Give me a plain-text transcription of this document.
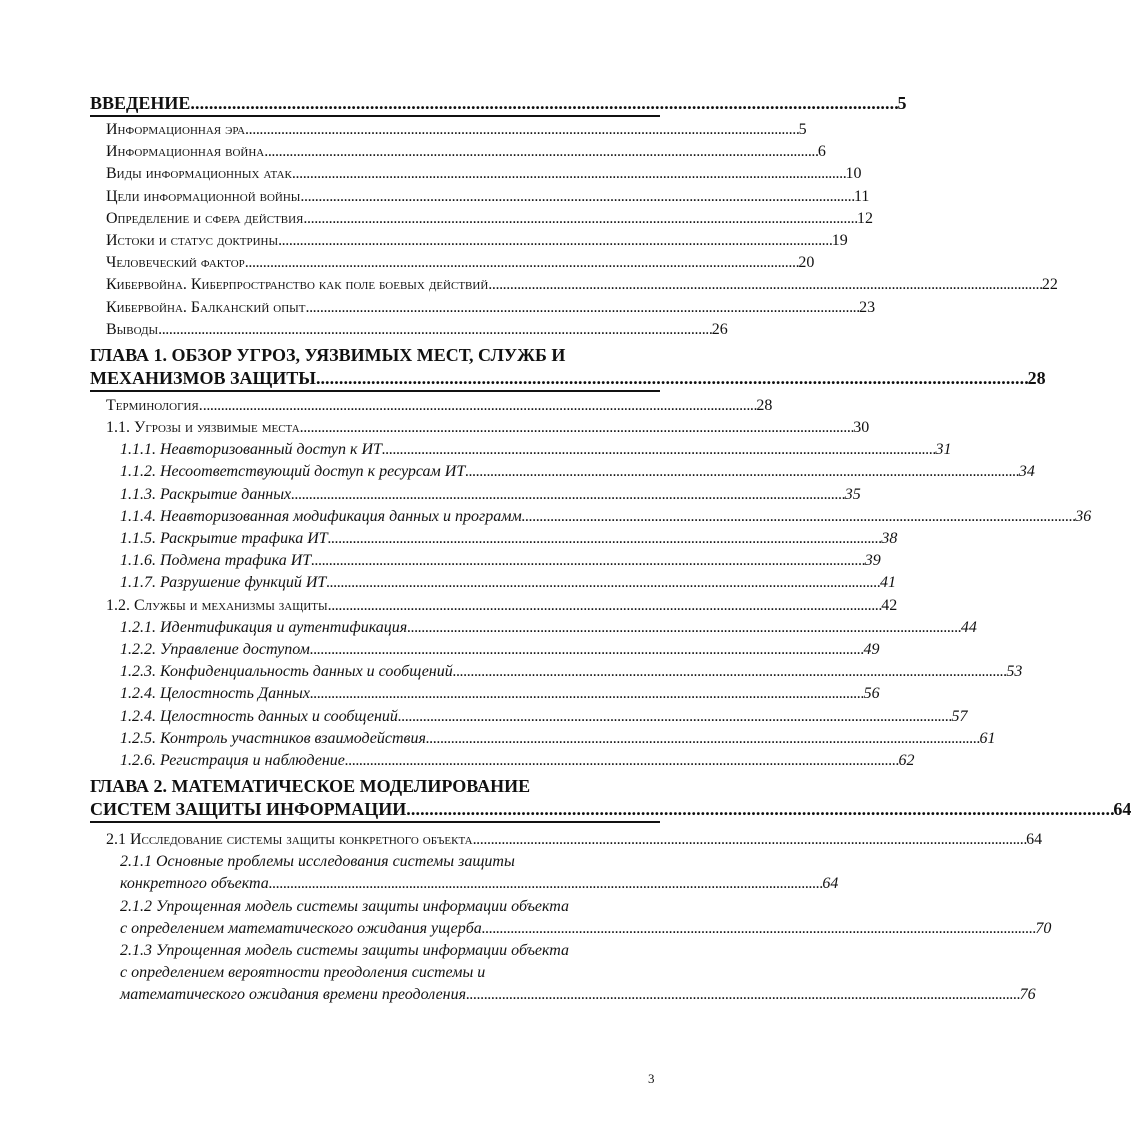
ВВЕДЕНИЕ . . .	5
Информационная эра . . .	5
Информационная война . . .	6
Виды информационных атак . . .	10
Цели информационной войны . . .	11
Определение и сфера действия . . .	12
Истоки и статус доктрины . . .	19
Человеческий фактор . . .	20
Кибервойна. Киберпространство как поле боевых действий . . .	22
Кибервойна. Балканский опыт . . .	23
Выводы . . .	26
ГЛАВА 1. ОБЗОР УГРОЗ, УЯЗВИМЫХ МЕСТ, СЛУЖБ И
МЕХАНИЗМОВ ЗАЩИТЫ. . . .	28
Терминология. . . .	28
1.1. Угрозы и уязвимые места . . .	30
1.1.1. Неавторизованный доступ к ИТ . . .	31
1.1.2. Несоответствующий доступ к ресурсам ИТ . . .	34
1.1.3. Раскрытие данных . . .	35
1.1.4. Неавторизованная модификация данных и программ . . .	36
1.1.5. Раскрытие трафика ИТ . . .	38
1.1.6. Подмена трафика ИТ . . .	39
1.1.7. Разрушение функций ИТ . . .	41
1.2. Службы и механизмы защиты . . .	42
1.2.1. Идентификация и аутентификация . . .	44
1.2.2. Управление доступом . . .	49
1.2.3. Конфиденциальность данных и сообщений . . .	53
1.2.4. Целостность Данных . . .	56
1.2.4. Целостность данных и сообщений . . .	57
1.2.5. Контроль участников взаимодействия . . .	61
1.2.6. Регистрация и наблюдение . . .	62
ГЛАВА 2. МАТЕМАТИЧЕСКОЕ МОДЕЛИРОВАНИЕ
СИСТЕМ ЗАЩИТЫ ИНФОРМАЦИИ . . .	64
2.1 Исследование системы защиты конкретного объекта . . .	64
2.1.1 Основные проблемы исследования системы защиты
конкретного объекта . . .	64
2.1.2 Упрощенная модель системы защиты информации объекта
с определением математического ожидания ущерба . . .	70
2.1.3 Упрощенная модель системы защиты информации объекта
с определением вероятности преодоления системы и
математического ожидания времени преодоления . . .	76
3
